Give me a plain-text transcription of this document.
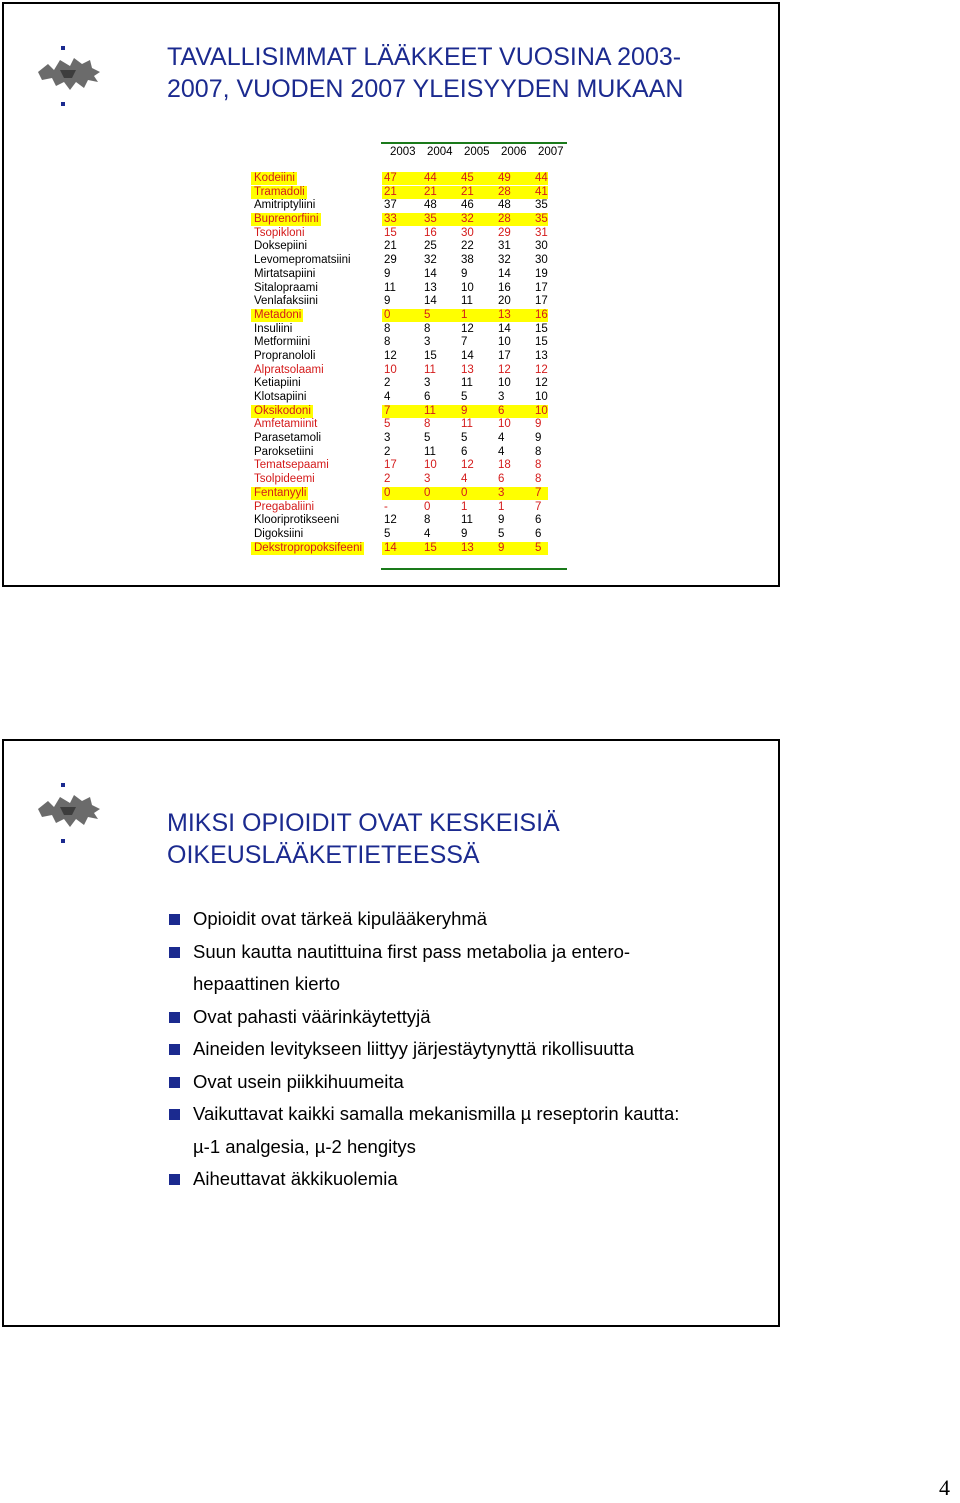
TAVALLISIMMAT LÄÄKKEET VUOSINA 2003-
2007, VUODEN 2007 YLEISYYDEN MUKAAN
2003 2004 2005 2006 2007
Kodeiini	47 44 45 49 44
Tramadoli	21 21 21 28 41
Amitriptyliini	37 48 46 48 35
Buprenorfiini	33 35 32 28 35
Tsopikloni	15 16 30 29 31
Doksepiini	21 25 22 31 30
Levomepromatsiini	29 32 38 32 30
Mirtatsapiini	9	14 9	14 19
Sitalopraami	11 13 10 16 17
Venlafaksiini	9	14 11 20 17
Metadoni	0	5	1	13 16
Insuliini	8	8	12 14 15
Metformiini	8	3	7	10 15
Propranololi	12 15 14 17 13
Alpratsolaami	10 11 13 12 12
Ketiapiini	2	3	11 10 12
Klotsapiini	4	6	5	3	10
Oksikodoni	7	11 9	6	10
Amfetamiinit	5	8	11 10 9
Parasetamoli	3	5	5	4	9
Paroksetiini	2	11 6	4	8
Tematsepaami	17 10 12 18 8
Tsolpideemi	2	3	4	6	8
Fentanyyli	0	0	0	3	7
Pregabaliini	-	0	1	1	7
Klooriprotikseeni	12 8	11 9	6
Digoksiini	5	4	9	5	6
Dekstropropoksifeeni 14 15 13 9	5
MIKSI OPIOIDIT OVAT KESKEISIÄ
OIKEUSLÄÄKETIETEESSÄ
Opioidit ovat tärkeä kipulääkeryhmä
Suun kautta nautittuina first pass metabolia ja entero-
hepaattinen kierto
Ovat pahasti väärinkäytettyjä
Aineiden levitykseen liittyy järjestäytynyttä rikollisuutta
Ovat usein piikkihuumeita
Vaikuttavat kaikki samalla mekanismilla µ reseptorin kautta:
µ-1 analgesia, µ-2 hengitys
Aiheuttavat äkkikuolemia
4
